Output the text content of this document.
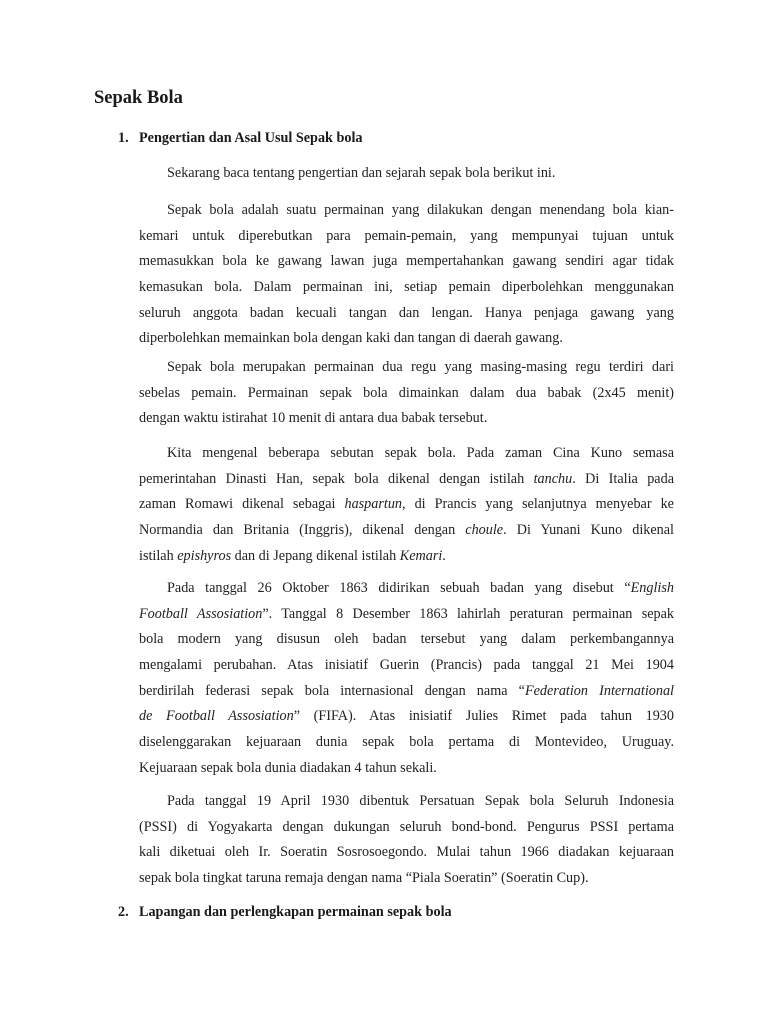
Sepak Bola
1. Pengertian dan Asal Usul Sepak bola
Sekarang baca tentang pengertian dan sejarah sepak bola berikut ini.
Sepak bola adalah suatu permainan yang dilakukan dengan menendang bola kian-
kemari untuk diperebutkan para pemain-pemain, yang mempunyai tujuan untuk
memasukkan bola ke gawang lawan juga mempertahankan gawang sendiri agar tidak
kemasukan bola. Dalam permainan ini, setiap pemain diperbolehkan menggunakan
seluruh anggota badan kecuali tangan dan lengan. Hanya penjaga gawang yang
diperbolehkan memainkan bola dengan kaki dan tangan di daerah gawang.
Sepak bola merupakan permainan dua regu yang masing-masing regu terdiri dari
sebelas pemain. Permainan sepak bola dimainkan dalam dua babak (2x45 menit)
dengan waktu istirahat 10 menit di antara dua babak tersebut.
Kita mengenal beberapa sebutan sepak bola. Pada zaman Cina Kuno semasa
pemerintahan Dinasti Han, sepak bola dikenal dengan istilah tanchu. Di Italia pada
zaman Romawi dikenal sebagai haspartun, di Prancis yang selanjutnya menyebar ke
Normandia dan Britania (Inggris), dikenal dengan choule. Di Yunani Kuno dikenal
istilah epishyros dan di Jepang dikenal istilah Kemari.
Pada tanggal 26 Oktober 1863 didirikan sebuah badan yang disebut “English
Football Assosiation”. Tanggal 8 Desember 1863 lahirlah peraturan permainan sepak
bola modern yang disusun oleh badan tersebut yang dalam perkembangannya
mengalami perubahan. Atas inisiatif Guerin (Prancis) pada tanggal 21 Mei 1904
berdirilah federasi sepak bola internasional dengan nama “Federation International
de Football Assosiation” (FIFA). Atas inisiatif Julies Rimet pada tahun 1930
diselenggarakan kejuaraan dunia sepak bola pertama di Montevideo, Uruguay.
Kejuaraan sepak bola dunia diadakan 4 tahun sekali.
Pada tanggal 19 April 1930 dibentuk Persatuan Sepak bola Seluruh Indonesia
(PSSI) di Yogyakarta dengan dukungan seluruh bond-bond. Pengurus PSSI pertama
kali diketuai oleh Ir. Soeratin Sosrosoegondo. Mulai tahun 1966 diadakan kejuaraan
sepak bola tingkat taruna remaja dengan nama “Piala Soeratin” (Soeratin Cup).
2. Lapangan dan perlengkapan permainan sepak bola
